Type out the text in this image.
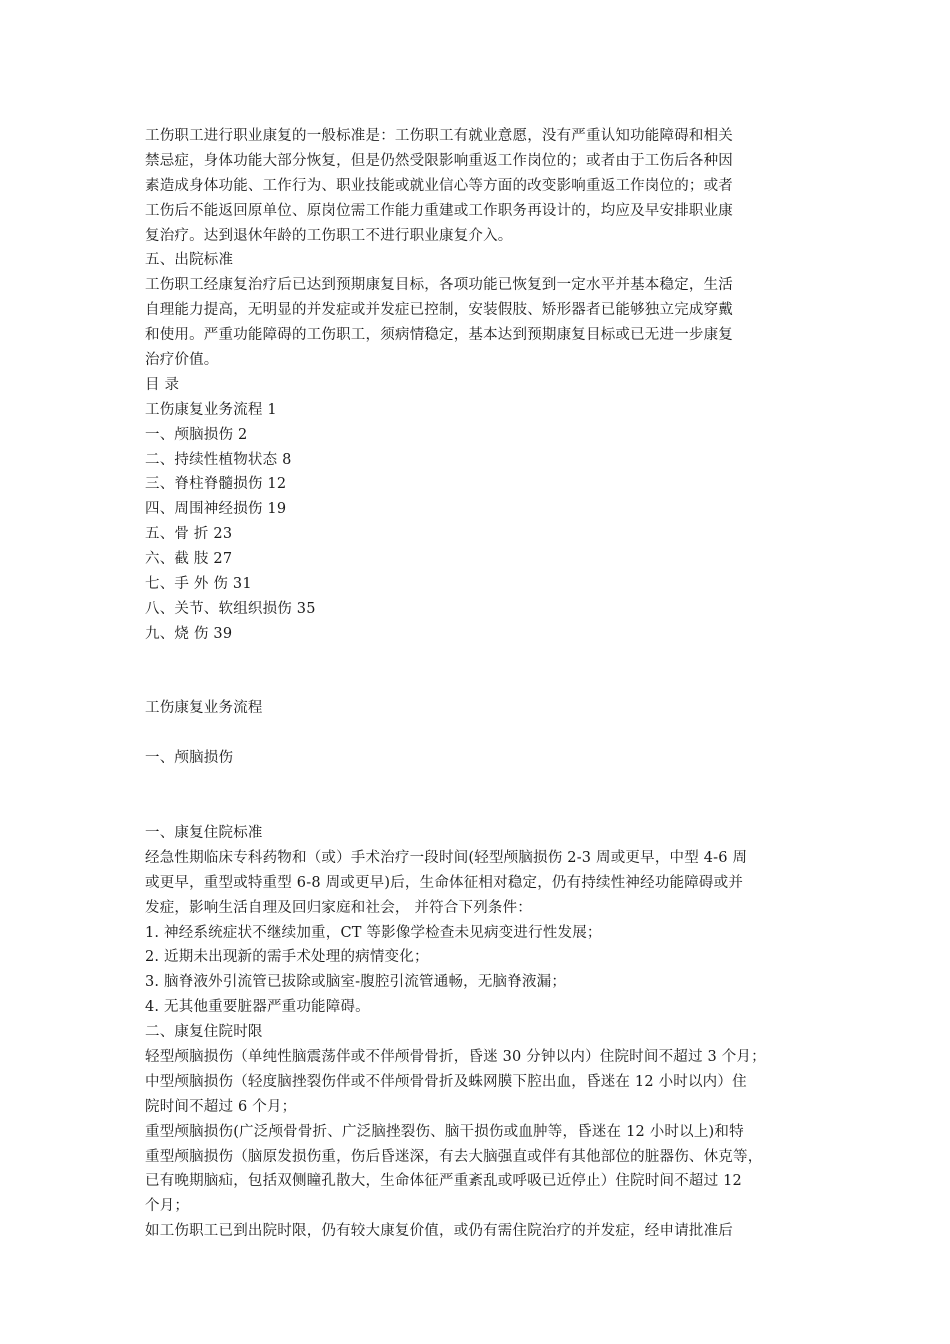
工伤职工进行职业康复的一般标准是：工伤职工有就业意愿，没有严重认知功能障碍和相关
禁忌症，身体功能大部分恢复，但是仍然受限影响重返工作岗位的；或者由于工伤后各种因
素造成身体功能、工作行为、职业技能或就业信心等方面的改变影响重返工作岗位的；或者
工伤后不能返回原单位、原岗位需工作能力重建或工作职务再设计的，均应及早安排职业康
复治疗。达到退休年龄的工伤职工不进行职业康复介入。
五、出院标准
工伤职工经康复治疗后已达到预期康复目标，各项功能已恢复到一定水平并基本稳定，生活
自理能力提高，无明显的并发症或并发症已控制，安装假肢、矫形器者已能够独立完成穿戴
和使用。严重功能障碍的工伤职工，须病情稳定，基本达到预期康复目标或已无进一步康复
治疗价值。
目 录
工伤康复业务流程 1
一、颅脑损伤 2
二、持续性植物状态 8
三、脊柱脊髓损伤 12
四、周围神经损伤 19
五、骨 折 23
六、截 肢 27
七、手 外 伤 31
八、关节、软组织损伤 35
九、烧 伤 39
工伤康复业务流程
一、颅脑损伤
一、康复住院标准
经急性期临床专科药物和（或）手术治疗一段时间(轻型颅脑损伤 2-3 周或更早，中型 4-6 周
或更早，重型或特重型 6-8 周或更早)后，生命体征相对稳定，仍有持续性神经功能障碍或并
发症，影响生活自理及回归家庭和社会， 并符合下列条件：
1. 神经系统症状不继续加重，CT 等影像学检查未见病变进行性发展；
2. 近期未出现新的需手术处理的病情变化；
3. 脑脊液外引流管已拔除或脑室-腹腔引流管通畅，无脑脊液漏；
4. 无其他重要脏器严重功能障碍。
二、康复住院时限
轻型颅脑损伤（单纯性脑震荡伴或不伴颅骨骨折，昏迷 30 分钟以内）住院时间不超过 3 个月；
中型颅脑损伤（轻度脑挫裂伤伴或不伴颅骨骨折及蛛网膜下腔出血，昏迷在 12 小时以内）住
院时间不超过 6 个月；
重型颅脑损伤(广泛颅骨骨折、广泛脑挫裂伤、脑干损伤或血肿等，昏迷在 12 小时以上)和特
重型颅脑损伤（脑原发损伤重，伤后昏迷深，有去大脑强直或伴有其他部位的脏器伤、休克等，
已有晚期脑疝，包括双侧瞳孔散大，生命体征严重紊乱或呼吸已近停止）住院时间不超过 12
个月；
如工伤职工已到出院时限，仍有较大康复价值，或仍有需住院治疗的并发症，经申请批准后
